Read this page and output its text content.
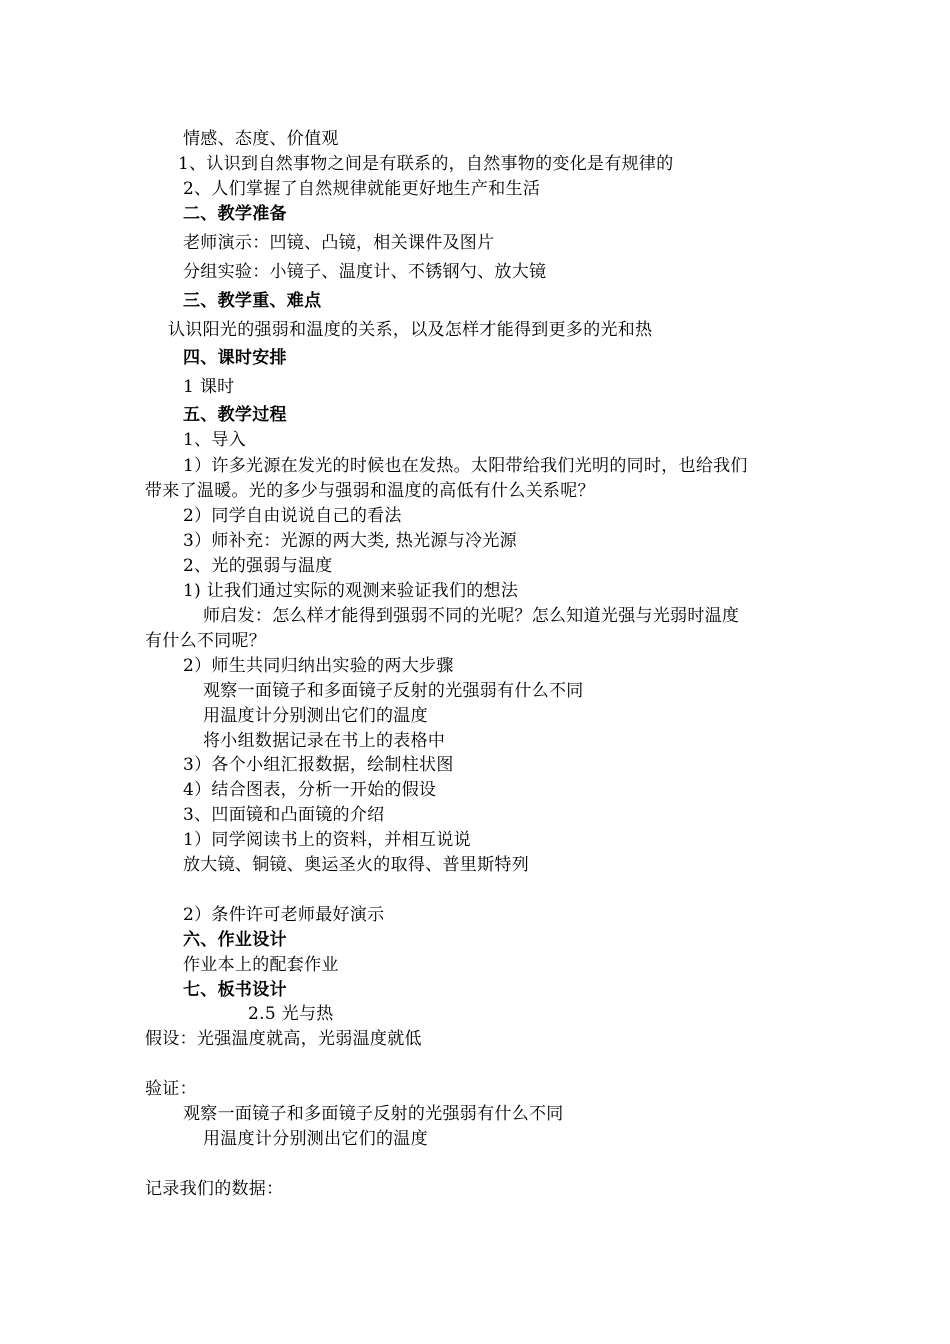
情感、态度、价值观
1、认识到自然事物之间是有联系的，自然事物的变化是有规律的
2、人们掌握了自然规律就能更好地生产和生活
二、教学准备
老师演示：凹镜、凸镜，相关课件及图片
分组实验：小镜子、温度计、不锈钢勺、放大镜
三、教学重、难点
认识阳光的强弱和温度的关系，以及怎样才能得到更多的光和热
四、课时安排
1 课时
五、教学过程
1、导入
1）许多光源在发光的时候也在发热。太阳带给我们光明的同时，也给我们
带来了温暖。光的多少与强弱和温度的高低有什么关系呢？
2）同学自由说说自己的看法
3）师补充：光源的两大类, 热光源与冷光源
2、光的强弱与温度
1) 让我们通过实际的观测来验证我们的想法
师启发：怎么样才能得到强弱不同的光呢？怎么知道光强与光弱时温度
有什么不同呢？
2）师生共同归纳出实验的两大步骤
观察一面镜子和多面镜子反射的光强弱有什么不同
用温度计分别测出它们的温度
将小组数据记录在书上的表格中
3）各个小组汇报数据，绘制柱状图
4）结合图表，分析一开始的假设
3、凹面镜和凸面镜的介绍
1）同学阅读书上的资料，并相互说说
放大镜、铜镜、奥运圣火的取得、普里斯特列
2）条件许可老师最好演示
六、作业设计
作业本上的配套作业
七、板书设计
2.5 光与热
假设：光强温度就高，光弱温度就低
验证：
观察一面镜子和多面镜子反射的光强弱有什么不同
用温度计分别测出它们的温度
记录我们的数据：
